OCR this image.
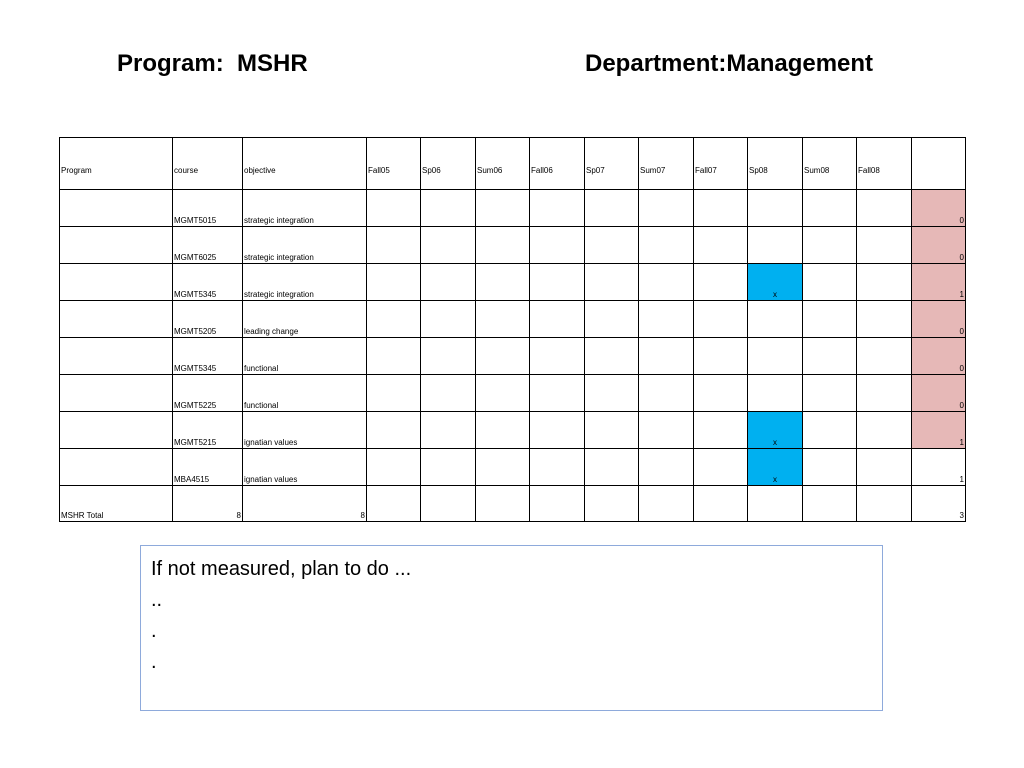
Program:  MSHR	Department:Management
Program	course	objective	Fall05	Sp06	Sum06	Fall06	Sp07	Sum07	Fall07	Sp08	Sum08	Fall08	
	MGMT5015	strategic integration											0
	MGMT6025	strategic integration											0
	MGMT5345	strategic integration								x			1
	MGMT5205	leading change											0
	MGMT5345	functional											0
	MGMT5225	functional											0
	MGMT5215	ignatian values								x			1
	MBA4515	ignatian values								x			1
MSHR Total	8	8											3
If not measured, plan to do ...
..
.
.
